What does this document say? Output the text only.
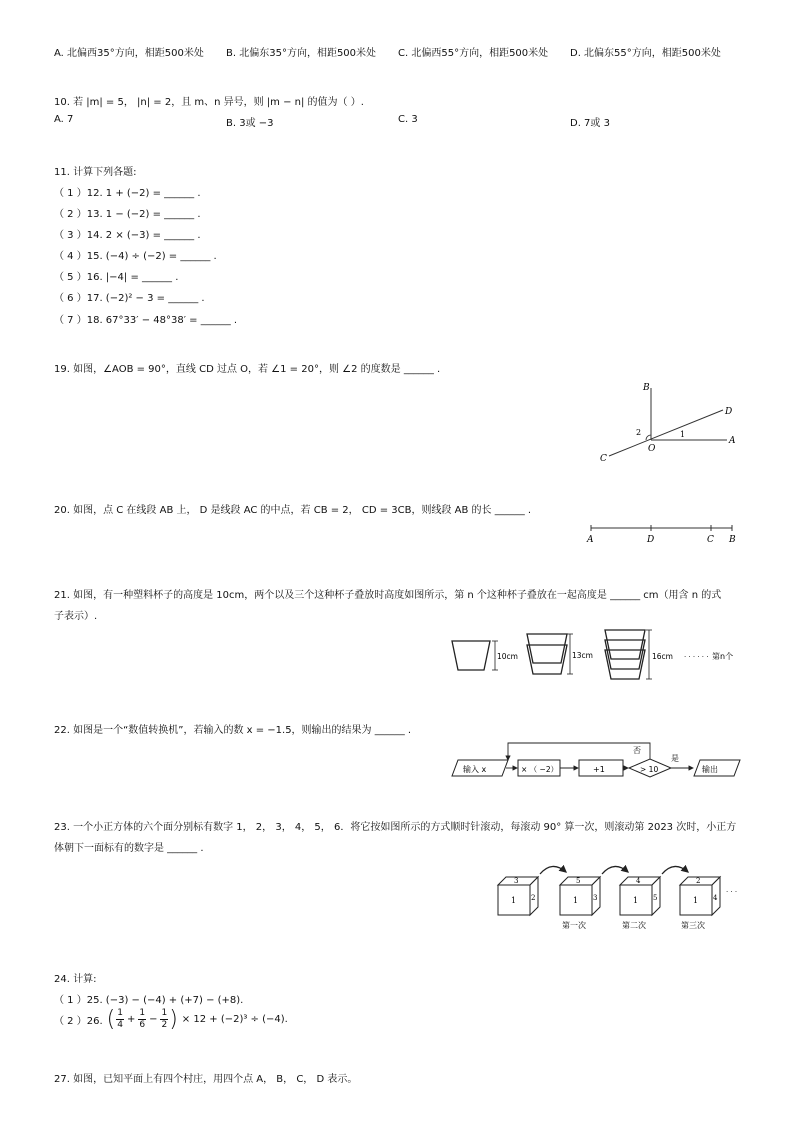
A. 北偏西35°方向，相距500米处 B. 北偏东35°方向，相距500米处 C. 北偏西55°方向，相距500米处 D. 北偏东55°方向，相距500米处
10. 若 |m| = 5， |n| = 2，且 m、n 异号，则 |m − n| 的值为（ ）.
A. 7	B. 3或 −3	C. 3	D. 7或 3
11. 计算下列各题:
（ 1 ）12. 1 + (−2) = ______ .
（ 2 ）13. 1 − (−2) = ______ .
（ 3 ）14. 2 × (−3) = ______ .
（ 4 ）15. (−4) ÷ (−2) = ______ .
（ 5 ）16. |−4| = ______ .
（ 6 ）17. (−2)² − 3 = ______ .
（ 7 ）18. 67°33′ − 48°38′ = ______ .
19. 如图，∠AOB = 90°，直线 CD 过点 O，若 ∠1 = 20°，则 ∠2 的度数是 ______ .
B
D
A
C
O
1
2
20. 如图，点 C 在线段 AB 上， D 是线段 AC 的中点，若 CB = 2， CD = 3CB，则线段 AB 的长 ______ .
A	D	C B
21. 如图，有一种塑料杯子的高度是 10cm，两个以及三个这种杯子叠放时高度如图所示，第 n 个这种杯子叠放在一起高度是 ______ cm（用含 n 的式
子表示）.
10cm	13cm	16cm · · · · · · 第n个
22. 如图是一个“数值转换机”，若输入的数 x = −1.5，则输出的结果为 ______ .
输入 x	× （ −2）	+1	> 10
否
是
输出
23. 一个小正方体的六个面分别标有数字 1， 2， 3， 4， 5， 6．将它按如图所示的方式顺时针滚动，每滚动 90° 算一次，则滚动第 2023 次时，小正方
体朝下一面标有的数字是 ______ .
3
1 2
5
1 3
第一次
4
1 5
第二次
2
1 4
第三次
· · ·
24. 计算:
（ 1 ）25. (−3) − (−4) + (+7) − (+8).
（ 2 ）26. ( 1
$4 + \frac{1}{6} - \frac{1}{2}$ ) × 12 + (−2)³ ÷ (−4).
27. 如图，已知平面上有四个村庄，用四个点 A， B， C， D 表示。
